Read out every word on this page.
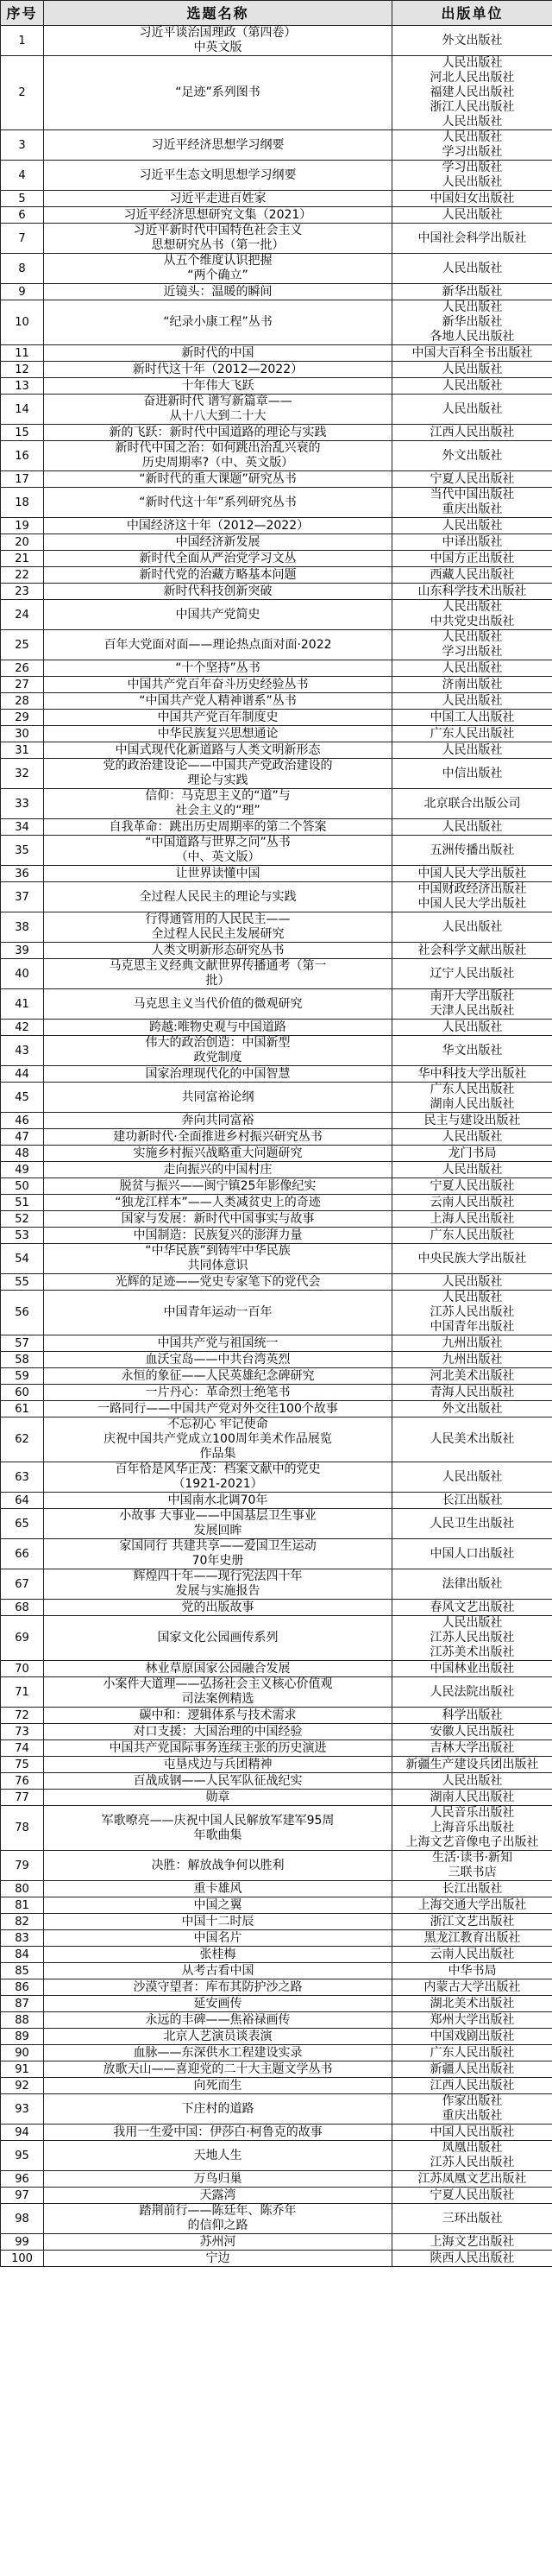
序号	选题名称	出版单位
1	习近平谈治国理政（第四卷）
中英文版	外文出版社
2	“足迹”系列图书	人民出版社
河北人民出版社
福建人民出版社
浙江人民出版社
人民出版社
3	习近平经济思想学习纲要	人民出版社
学习出版社
4	习近平生态文明思想学习纲要	学习出版社
人民出版社
5	习近平走进百姓家	中国妇女出版社
6	习近平经济思想研究文集（2021）	人民出版社
7	习近平新时代中国特色社会主义
思想研究丛书（第一批）	中国社会科学出版社
8	从五个维度认识把握
“两个确立”	人民出版社
9	近镜头：温暖的瞬间	新华出版社
10	“纪录小康工程”丛书	人民出版社
新华出版社
各地人民出版社
11	新时代的中国	中国大百科全书出版社
12	新时代这十年（2012—2022）	人民出版社
13	十年伟大飞跃	人民出版社
14	奋进新时代 谱写新篇章——
从十八大到二十大	人民出版社
15	新的飞跃：新时代中国道路的理论与实践	江西人民出版社
16	新时代中国之治：如何跳出治乱兴衰的
历史周期率?（中、英文版）	外文出版社
17	“新时代的重大课题”研究丛书	宁夏人民出版社
18	“新时代这十年”系列研究丛书	当代中国出版社
重庆出版社
19	中国经济这十年（2012—2022）	人民出版社
20	中国经济新发展	中译出版社
21	新时代全面从严治党学习文丛	中国方正出版社
22	新时代党的治藏方略基本问题	西藏人民出版社
23	新时代科技创新突破	山东科学技术出版社
24	中国共产党简史	人民出版社
中共党史出版社
25	百年大党面对面——理论热点面对面·2022	人民出版社
学习出版社
26	“十个坚持”丛书	人民出版社
27	中国共产党百年奋斗历史经验丛书	济南出版社
28	“中国共产党人精神谱系”丛书	人民出版社
29	中国共产党百年制度史	中国工人出版社
30	中华民族复兴思想通论	广东人民出版社
31	中国式现代化新道路与人类文明新形态	人民出版社
32	党的政治建设论——中国共产党政治建设的
理论与实践	中信出版社
33	信仰：马克思主义的“道”与
社会主义的“理”	北京联合出版公司
34	自我革命：跳出历史周期率的第二个答案	人民出版社
35	“中国道路与世界之问”丛书
（中、英文版）	五洲传播出版社
36	让世界读懂中国	中国人民大学出版社
37	全过程人民民主的理论与实践	中国财政经济出版社
中国人民大学出版社
38	行得通管用的人民民主——
全过程人民民主发展研究	人民出版社
39	人类文明新形态研究丛书	社会科学文献出版社
40	马克思主义经典文献世界传播通考（第一
批）	辽宁人民出版社
41	马克思主义当代价值的微观研究	南开大学出版社
天津人民出版社
42	跨越:唯物史观与中国道路	人民出版社
43	伟大的政治创造：中国新型
政党制度	华文出版社
44	国家治理现代化的中国智慧	华中科技大学出版社
45	共同富裕论纲	广东人民出版社
湖南人民出版社
46	奔向共同富裕	民主与建设出版社
47	建功新时代·全面推进乡村振兴研究丛书	人民出版社
48	实施乡村振兴战略重大问题研究	龙门书局
49	走向振兴的中国村庄	人民出版社
50	脱贫与振兴——闽宁镇25年影像纪实	宁夏人民出版社
51	“独龙江样本”——人类减贫史上的奇迹	云南人民出版社
52	国家与发展：新时代中国事实与故事	上海人民出版社
53	中国制造：民族复兴的澎湃力量	广东人民出版社
54	“中华民族”到铸牢中华民族
共同体意识	中央民族大学出版社
55	光辉的足迹——党史专家笔下的党代会	人民出版社
56	中国青年运动一百年	人民出版社
江苏人民出版社
中国青年出版社
57	中国共产党与祖国统一	九州出版社
58	血沃宝岛——中共台湾英烈	九州出版社
59	永恒的象征——人民英雄纪念碑研究	河北美术出版社
60	一片丹心：革命烈士绝笔书	青海人民出版社
61	一路同行——中国共产党对外交往100个故事	外文出版社
62	不忘初心 牢记使命
庆祝中国共产党成立100周年美术作品展览
作品集	人民美术出版社
63	百年恰是风华正茂：档案文献中的党史
（1921-2021）	人民出版社
64	中国南水北调70年	长江出版社
65	小故事 大事业——中国基层卫生事业
发展回眸	人民卫生出版社
66	家国同行 共建共享——爱国卫生运动
70年史册	中国人口出版社
67	辉煌四十年——现行宪法四十年
发展与实施报告	法律出版社
68	党的出版故事	春风文艺出版社
69	国家文化公园画传系列	人民出版社
江苏人民出版社
江苏美术出版社
70	林业草原国家公园融合发展	中国林业出版社
71	小案件大道理——弘扬社会主义核心价值观
司法案例精选	人民法院出版社
72	碳中和：逻辑体系与技术需求	科学出版社
73	对口支援：大国治理的中国经验	安徽人民出版社
74	中国共产党国际事务连续主张的历史演进	吉林大学出版社
75	屯垦戍边与兵团精神	新疆生产建设兵团出版社
76	百战成钢——人民军队征战纪实	人民出版社
77	勋章	湖南人民出版社
78	军歌嘹亮——庆祝中国人民解放军建军95周
年歌曲集	人民音乐出版社
上海音乐出版社
上海文艺音像电子出版社
79	决胜：解放战争何以胜利	生活·读书·新知
三联书店
80	重卡雄风	长江出版社
81	中国之翼	上海交通大学出版社
82	中国十二时辰	浙江文艺出版社
83	中国名片	黑龙江教育出版社
84	张桂梅	云南人民出版社
85	从考古看中国	中华书局
86	沙漠守望者：库布其防护沙之路	内蒙古大学出版社
87	延安画传	湖北美术出版社
88	永远的丰碑——焦裕禄画传	郑州大学出版社
89	北京人艺演员谈表演	中国戏剧出版社
90	血脉——东深供水工程建设实录	广东人民出版社
91	放歌天山——喜迎党的二十大主题文学丛书	新疆人民出版社
92	向死而生	江西人民出版社
93	下庄村的道路	作家出版社
重庆出版社
94	我用一生爱中国：伊莎白·柯鲁克的故事	中国人民出版社
95	天地人生	凤凰出版社
江苏人民出版社
96	万鸟归巢	江苏凤凰文艺出版社
97	天露湾	宁夏人民出版社
98	踏荆前行——陈廷年、陈乔年
的信仰之路	三环出版社
99	苏州河	上海文艺出版社
100	宁边	陕西人民出版社
